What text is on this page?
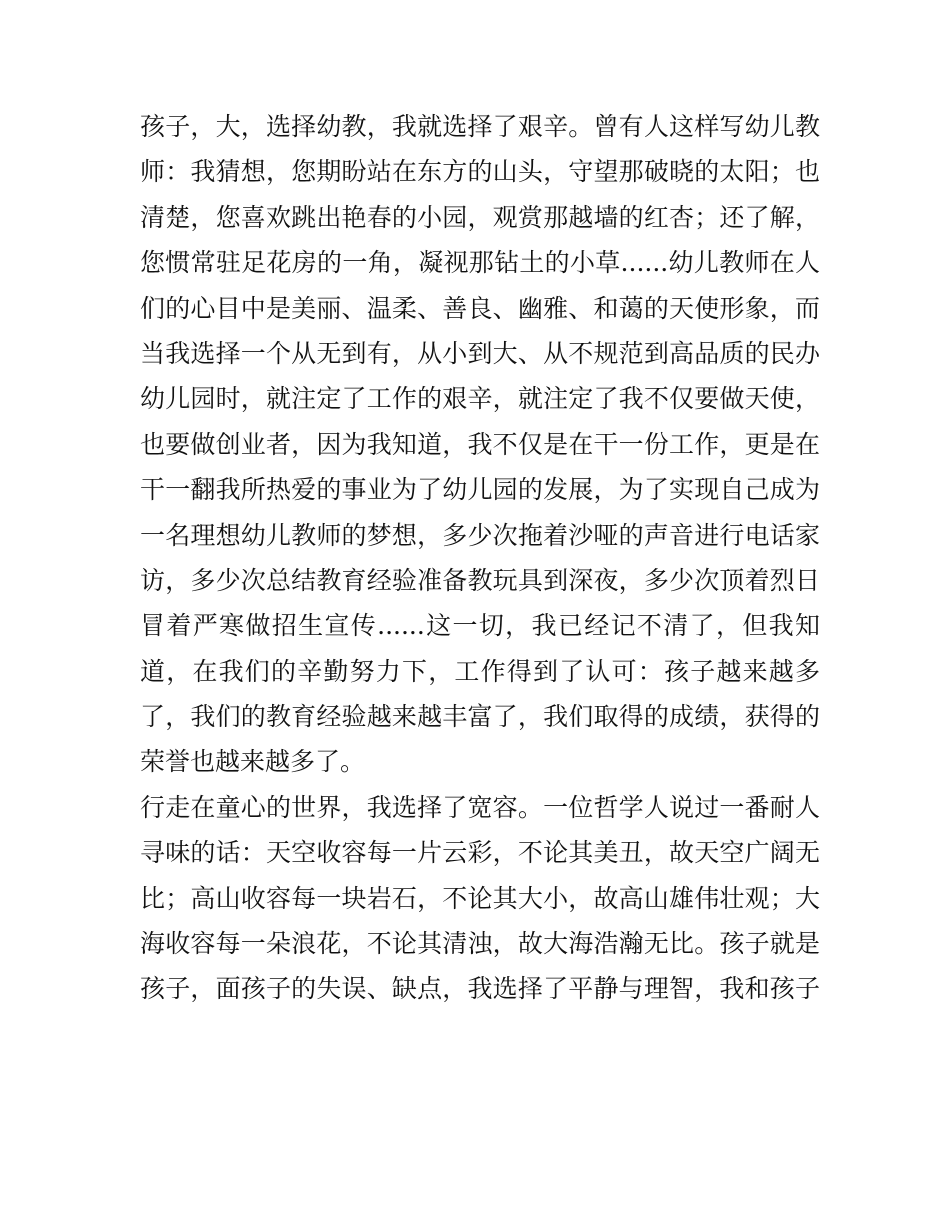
孩子，大，选择幼教，我就选择了艰辛。曾有人这样写幼儿教
师：我猜想，您期盼站在东方的山头，守望那破晓的太阳；也
清楚，您喜欢跳出艳春的小园，观赏那越墙的红杏；还了解，
您惯常驻足花房的一角，凝视那钻土的小草......幼儿教师在人
们的心目中是美丽、温柔、善良、幽雅、和蔼的天使形象，而
当我选择一个从无到有，从小到大、从不规范到高品质的民办
幼儿园时，就注定了工作的艰辛，就注定了我不仅要做天使，
也要做创业者，因为我知道，我不仅是在干一份工作，更是在
干一翻我所热爱的事业为了幼儿园的发展，为了实现自己成为
一名理想幼儿教师的梦想，多少次拖着沙哑的声音进行电话家
访，多少次总结教育经验准备教玩具到深夜，多少次顶着烈日
冒着严寒做招生宣传......这一切，我已经记不清了，但我知
道，在我们的辛勤努力下，工作得到了认可：孩子越来越多
了，我们的教育经验越来越丰富了，我们取得的成绩，获得的
荣誉也越来越多了。
行走在童心的世界，我选择了宽容。一位哲学人说过一番耐人
寻味的话：天空收容每一片云彩，不论其美丑，故天空广阔无
比；高山收容每一块岩石，不论其大小，故高山雄伟壮观；大
海收容每一朵浪花，不论其清浊，故大海浩瀚无比。孩子就是
孩子，面孩子的失误、缺点，我选择了平静与理智，我和孩子
